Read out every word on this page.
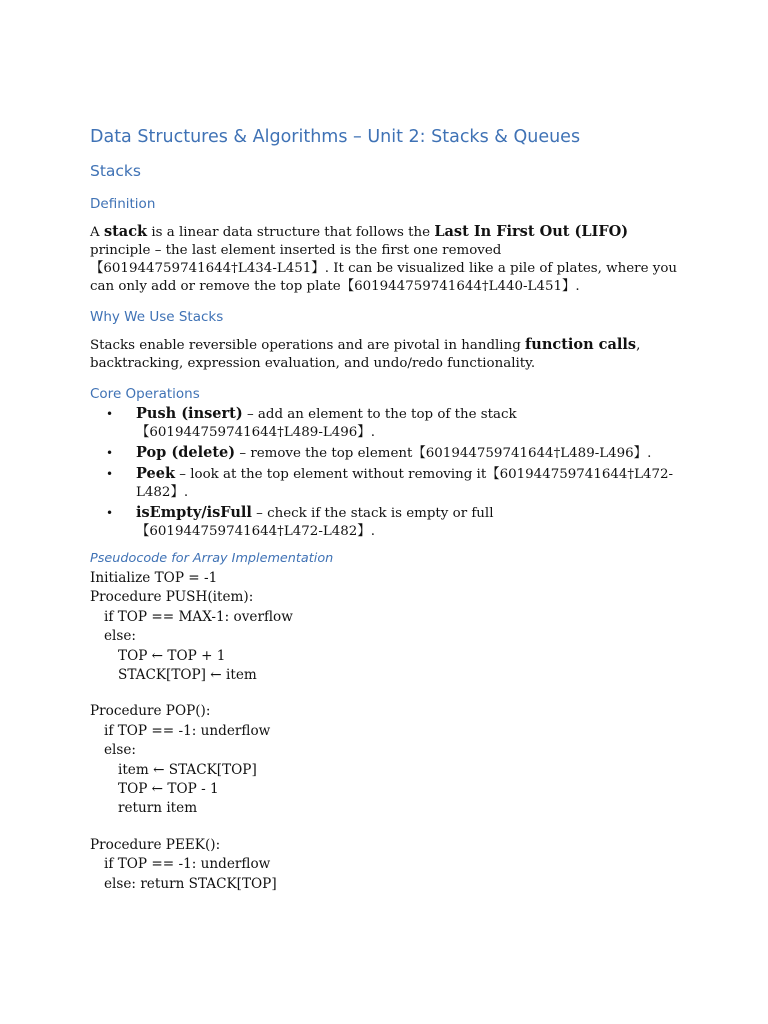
Data Structures & Algorithms – Unit 2: Stacks & Queues
Stacks
Definition

A stack is a linear data structure that follows the Last In First Out (LIFO) principle – the last element inserted is the first one removed【601944759741644†L434-L451】. It can be visualized like a pile of plates, where you can only add or remove the top plate【601944759741644†L440-L451】.

Why We Use Stacks

Stacks enable reversible operations and are pivotal in handling function calls, backtracking, expression evaluation, and undo/redo functionality.

Core Operations
• Push (insert) – add an element to the top of the stack【601944759741644†L489-L496】.
• Pop (delete) – remove the top element【601944759741644†L489-L496】.
• Peek – look at the top element without removing it【601944759741644†L472-L482】.
• isEmpty/isFull – check if the stack is empty or full【601944759741644†L472-L482】.
Pseudocode for Array Implementation
Initialize TOP = -1
Procedure PUSH(item):
if TOP == MAX-1: overflow
else:
TOP ← TOP + 1
STACK[TOP] ← item
Procedure POP():
if TOP == -1: underflow
else:
item ← STACK[TOP]
TOP ← TOP - 1
return item
Procedure PEEK():
if TOP == -1: underflow
else: return STACK[TOP]
